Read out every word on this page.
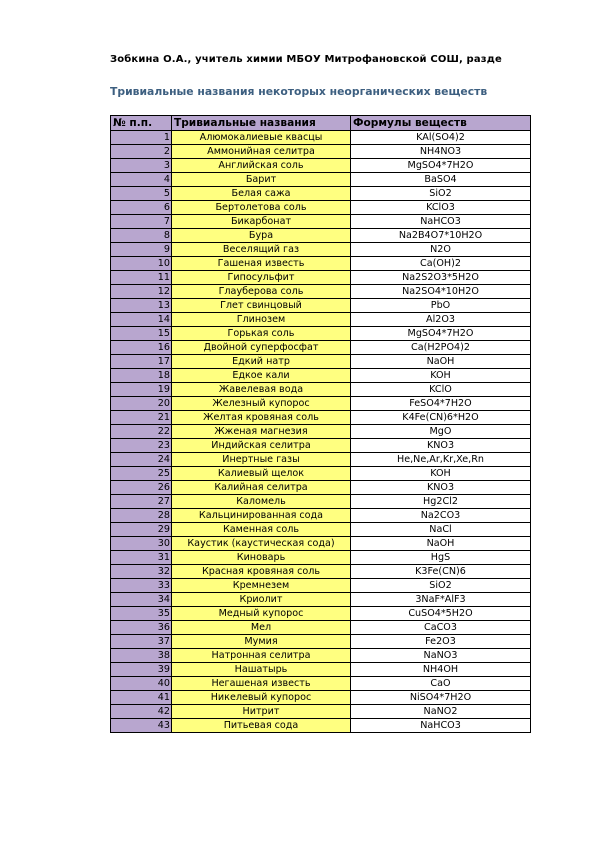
Зобкина О.А., учитель химии МБОУ Митрофановской СОШ, разде
Тривиальные названия некоторых неорганических веществ
№ п.п.	Тривиальные названия	Формулы веществ
1	Алюмокалиевые квасцы	KAl(SO4)2
2	Аммонийная селитра	NH4NO3
3	Английская соль	MgSO4*7H2O
4	Барит	BaSO4
5	Белая сажа	SiO2
6	Бертолетова соль	KClO3
7	Бикарбонат	NaHCO3
8	Бура	Na2B4O7*10H2O
9	Веселящий газ	N2O
10	Гашеная известь	Ca(OH)2
11	Гипосульфит	Na2S2O3*5H2O
12	Глауберова соль	Na2SO4*10H2O
13	Глет свинцовый	PbO
14	Глинозем	Al2O3
15	Горькая соль	MgSO4*7H2O
16	Двойной суперфосфат	Ca(H2PO4)2
17	Едкий натр	NaOH
18	Едкое кали	KOH
19	Жавелевая вода	KClO
20	Железный купорос	FeSO4*7H2O
21	Желтая кровяная соль	K4Fe(CN)6*H2O
22	Жженая магнезия	MgO
23	Индийская селитра	KNO3
24	Инертные газы	He,Ne,Ar,Kr,Xe,Rn
25	Калиевый щелок	KOH
26	Калийная селитра	KNO3
27	Каломель	Hg2Cl2
28	Кальцинированная сода	Na2CO3
29	Каменная соль	NaCl
30	Каустик (каустическая сода)	NaOH
31	Киноварь	HgS
32	Красная кровяная соль	K3Fe(CN)6
33	Кремнезем	SiO2
34	Криолит	3NaF*AlF3
35	Медный купорос	CuSO4*5H2O
36	Мел	CaCO3
37	Мумия	Fe2O3
38	Натронная селитра	NaNO3
39	Нашатырь	NH4OH
40	Негашеная известь	CaO
41	Никелевый купорос	NiSO4*7H2O
42	Нитрит	NaNO2
43	Питьевая сода	NaHCO3
